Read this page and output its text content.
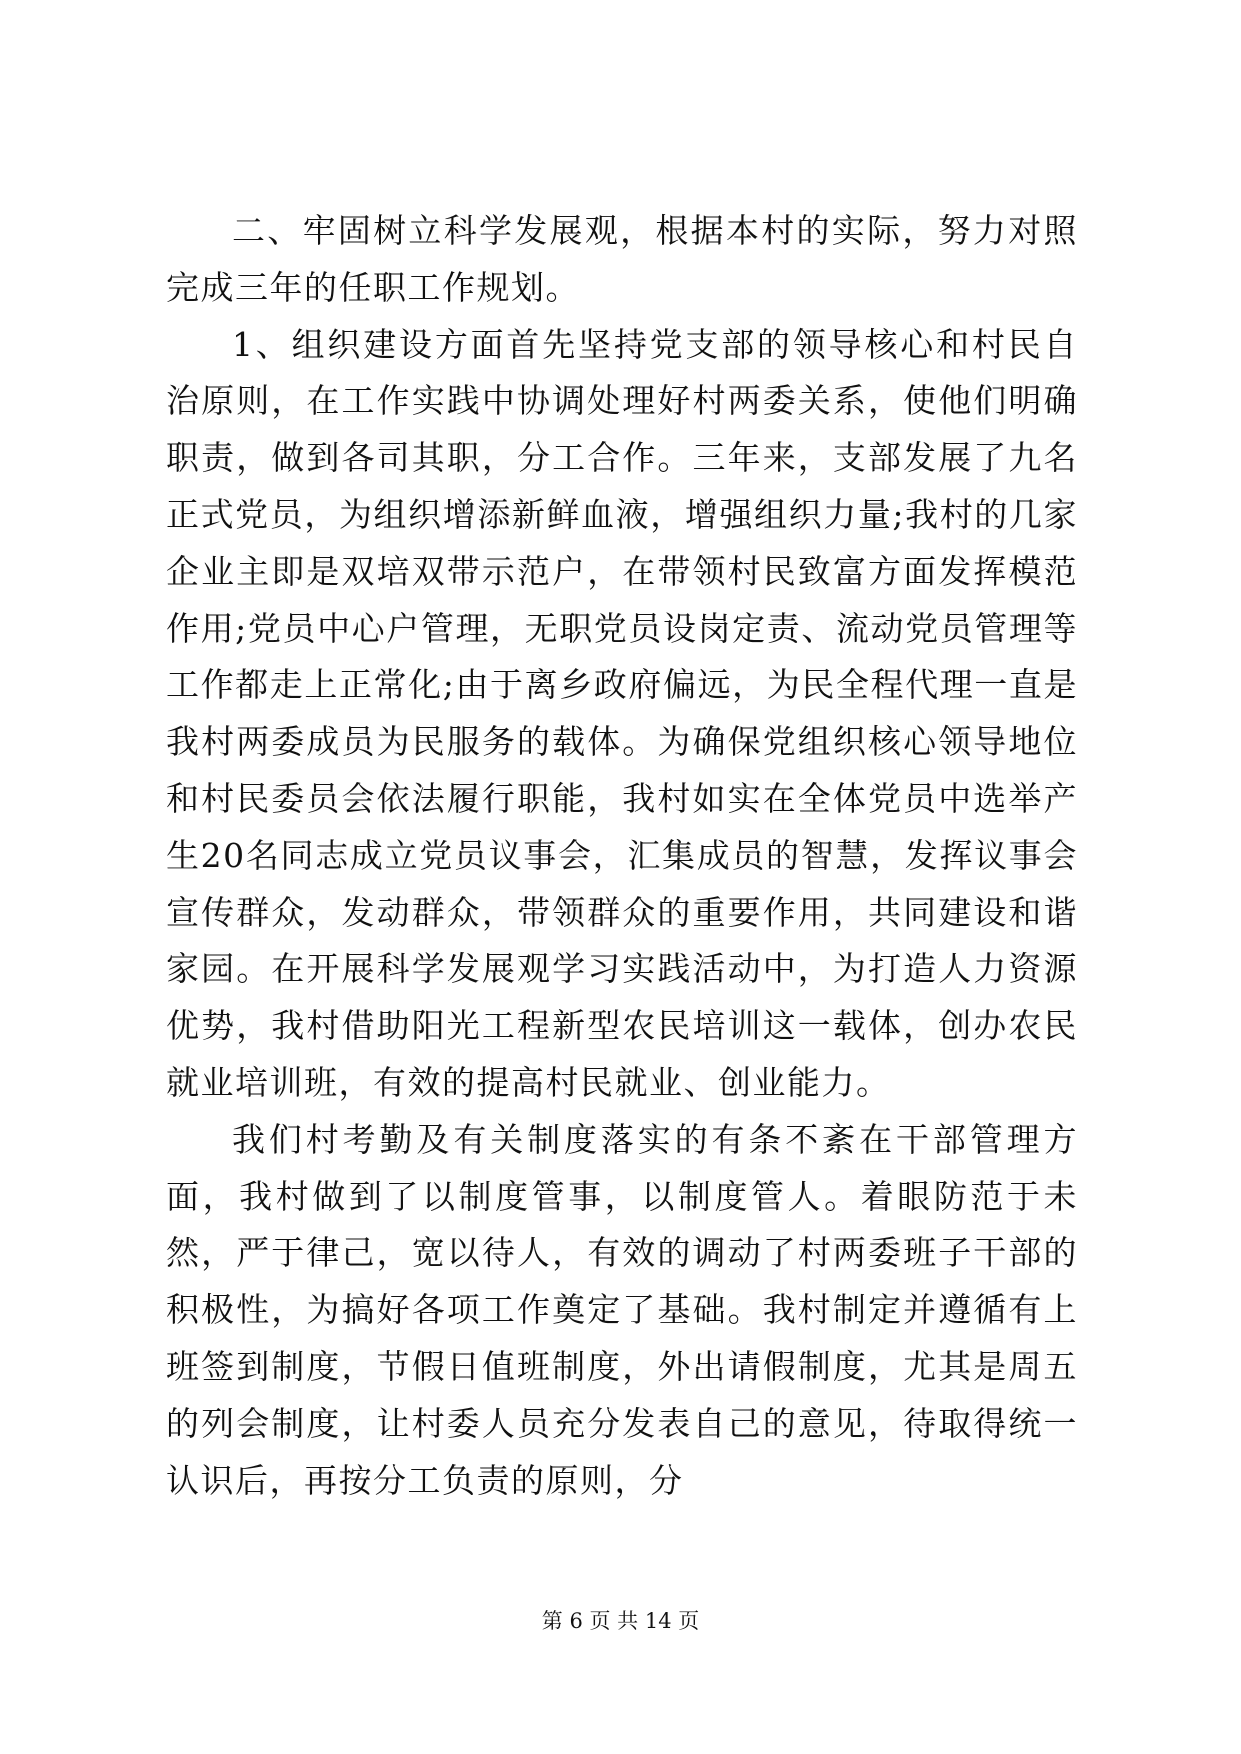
二、牢固树立科学发展观，根据本村的实际，努力对照完成三年的任职工作规划。

1、组织建设方面首先坚持党支部的领导核心和村民自治原则，在工作实践中协调处理好村两委关系，使他们明确职责，做到各司其职，分工合作。三年来，支部发展了九名正式党员，为组织增添新鲜血液，增强组织力量;我村的几家企业主即是双培双带示范户，在带领村民致富方面发挥模范作用;党员中心户管理，无职党员设岗定责、流动党员管理等工作都走上正常化;由于离乡政府偏远，为民全程代理一直是我村两委成员为民服务的载体。为确保党组织核心领导地位和村民委员会依法履行职能，我村如实在全体党员中选举产生20名同志成立党员议事会，汇集成员的智慧，发挥议事会宣传群众，发动群众，带领群众的重要作用，共同建设和谐家园。在开展科学发展观学习实践活动中，为打造人力资源优势，我村借助阳光工程新型农民培训这一载体，创办农民就业培训班，有效的提高村民就业、创业能力。

我们村考勤及有关制度落实的有条不紊在干部管理方面，我村做到了以制度管事，以制度管人。着眼防范于未然，严于律己，宽以待人，有效的调动了村两委班子干部的积极性，为搞好各项工作奠定了基础。我村制定并遵循有上班签到制度，节假日值班制度，外出请假制度，尤其是周五的列会制度，让村委人员充分发表自己的意见，待取得统一认识后，再按分工负责的原则，分

第 6 页 共 14 页
